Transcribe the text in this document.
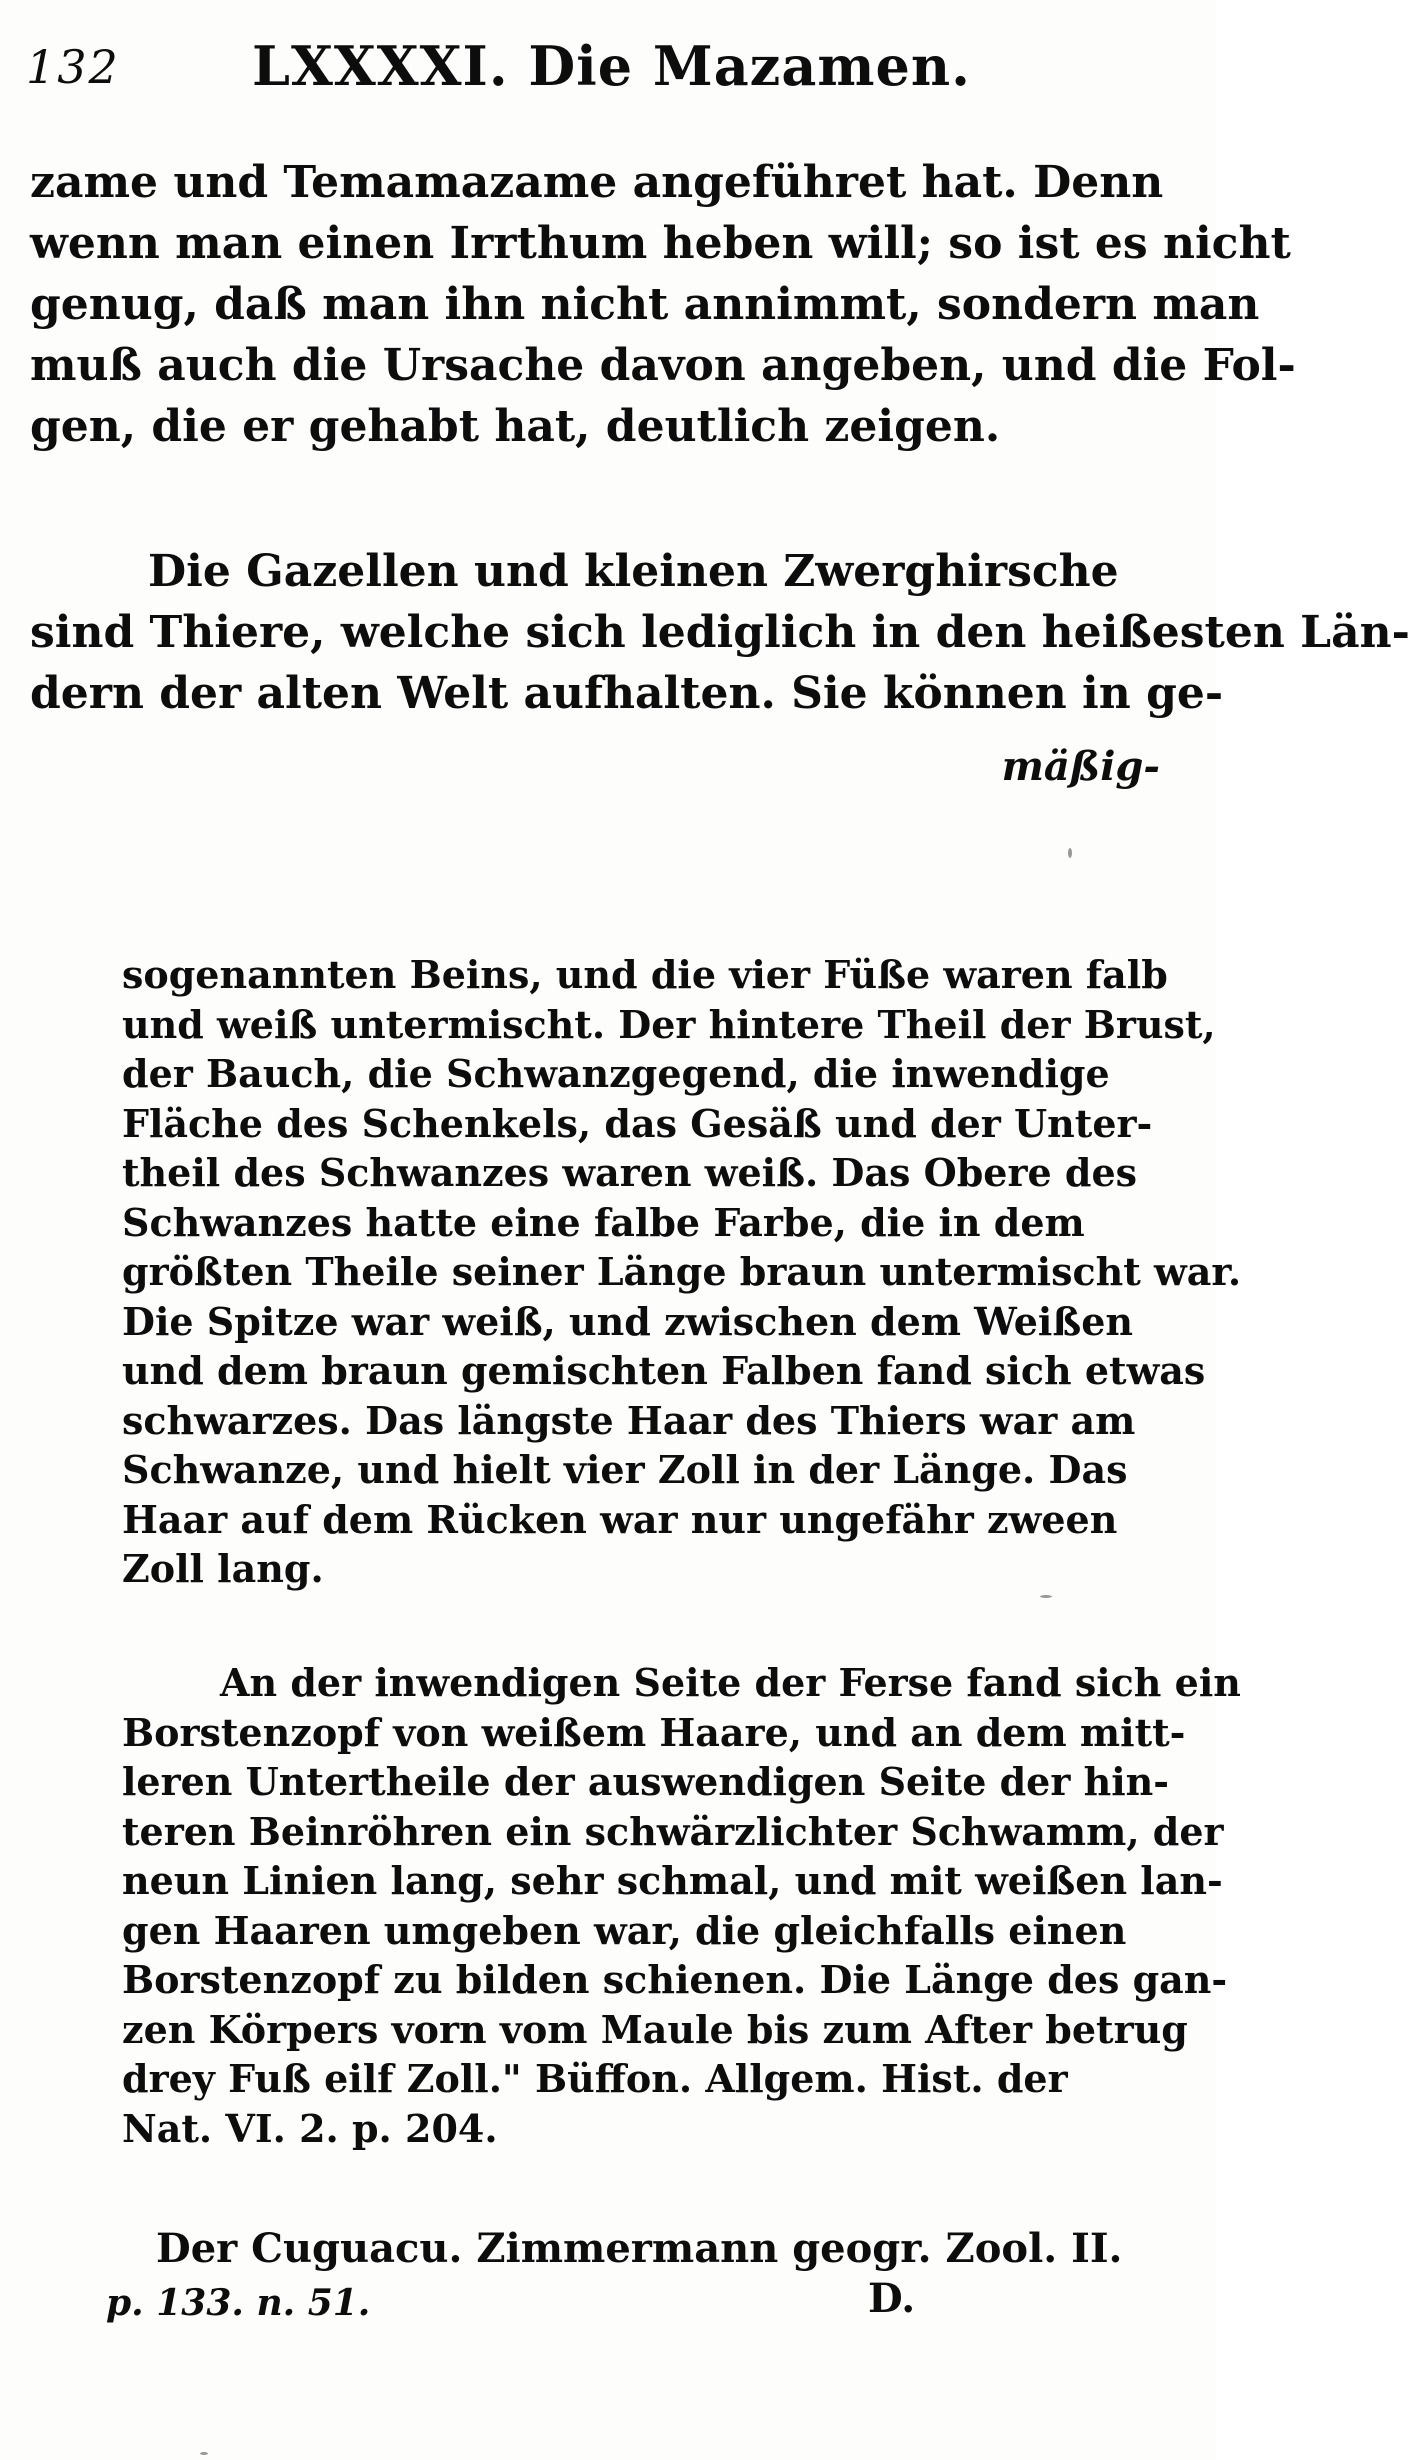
132 LXXXXI. Die Mazamen.
zame und Temamazame angeführet hat. Denn
wenn man einen Irrthum heben will; so ist es nicht
genug, daß man ihn nicht annimmt, sondern man
muß auch die Ursache davon angeben, und die Fol-
gen, die er gehabt hat, deutlich zeigen.
Die Gazellen und kleinen Zwerghirsche
sind Thiere, welche sich lediglich in den heißesten Län-
dern der alten Welt aufhalten. Sie können in ge-
mäßig-
sogenannten Beins, und die vier Füße waren falb
und weiß untermischt. Der hintere Theil der Brust,
der Bauch, die Schwanzgegend, die inwendige
Fläche des Schenkels, das Gesäß und der Unter-
theil des Schwanzes waren weiß. Das Obere des
Schwanzes hatte eine falbe Farbe, die in dem
größten Theile seiner Länge braun untermischt war.
Die Spitze war weiß, und zwischen dem Weißen
und dem braun gemischten Falben fand sich etwas
schwarzes. Das längste Haar des Thiers war am
Schwanze, und hielt vier Zoll in der Länge. Das
Haar auf dem Rücken war nur ungefähr zween
Zoll lang.
An der inwendigen Seite der Ferse fand sich ein
Borstenzopf von weißem Haare, und an dem mitt-
leren Untertheile der auswendigen Seite der hin-
teren Beinröhren ein schwärzlichter Schwamm, der
neun Linien lang, sehr schmal, und mit weißen lan-
gen Haaren umgeben war, die gleichfalls einen
Borstenzopf zu bilden schienen. Die Länge des gan-
zen Körpers vorn vom Maule bis zum After betrug
drey Fuß eilf Zoll." Büffon. Allgem. Hist. der
Nat. VI. 2. p. 204.
Der Cuguacu. Zimmermann geogr. Zool. II.
p. 133. n. 51.	D.
